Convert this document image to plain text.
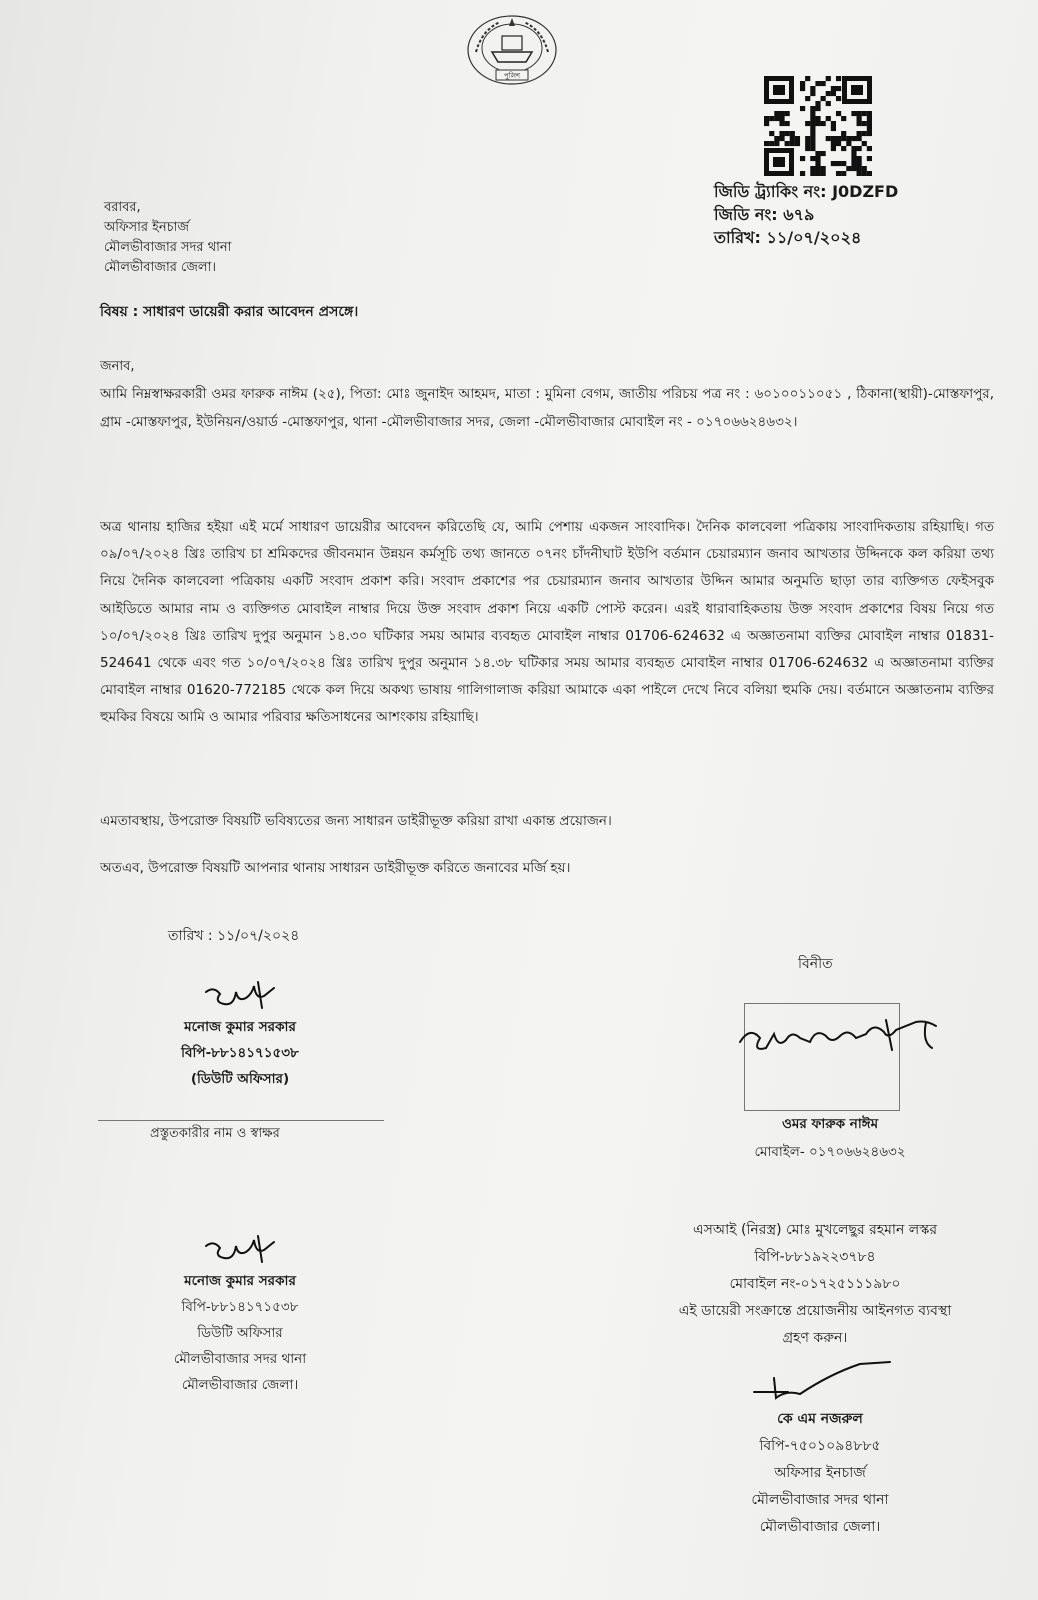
পুলিশ
জিডি ট্র্যাকিং নং: J0DZFD
জিডি নং: ৬৭৯
তারিখ: ১১/০৭/২০২৪
বরাবর,
অফিসার ইনচার্জ
মৌলভীবাজার সদর থানা
মৌলভীবাজার জেলা।
বিষয় : সাধারণ ডায়েরী করার আবেদন প্রসঙ্গে।
জনাব,
আমি নিম্নস্বাক্ষরকারী ওমর ফারুক নাঈম (২৫), পিতা: মোঃ জুনাইদ আহমদ, মাতা : মুমিনা বেগম, জাতীয় পরিচয় পত্র নং : ৬০১০০১১০৫১ , ঠিকানা(স্থায়ী)-মোস্তফাপুর, গ্রাম -মোস্তফাপুর, ইউনিয়ন/ওয়ার্ড -মোস্তফাপুর, থানা -মৌলভীবাজার সদর, জেলা -মৌলভীবাজার মোবাইল নং - ০১৭০৬৬২৪৬৩২।
অত্র থানায় হাজির হইয়া এই মর্মে সাধারণ ডায়েরীর আবেদন করিতেছি যে, আমি পেশায় একজন সাংবাদিক। দৈনিক কালবেলা পত্রিকায় সাংবাদিকতায় রহিয়াছি। গত ০৯/০৭/২০২৪ খ্রিঃ তারিখ চা শ্রমিকদের জীবনমান উন্নয়ন কর্মসূচি তথ্য জানতে ০৭নং চাঁদনীঘাট ইউপি বর্তমান চেয়ারম্যান জনাব আখতার উদ্দিনকে কল করিয়া তথ্য নিয়ে দৈনিক কালবেলা পত্রিকায় একটি সংবাদ প্রকাশ করি। সংবাদ প্রকাশের পর চেয়ারম্যান জনাব আখতার উদ্দিন আমার অনুমতি ছাড়া তার ব্যক্তিগত ফেইসবুক আইডিতে আমার নাম ও ব্যক্তিগত মোবাইল নাম্বার দিয়ে উক্ত সংবাদ প্রকাশ নিয়ে একটি পোস্ট করেন। এরই ধারাবাহিকতায় উক্ত সংবাদ প্রকাশের বিষয় নিয়ে গত ১০/০৭/২০২৪ খ্রিঃ তারিখ দুপুর অনুমান ১৪.৩০ ঘটিকার সময় আমার ব্যবহৃত মোবাইল নাম্বার 01706-624632 এ অজ্ঞাতনামা ব্যক্তির মোবাইল নাম্বার 01831-524641 থেকে এবং গত ১০/০৭/২০২৪ খ্রিঃ তারিখ দুপুর অনুমান ১৪.৩৮ ঘটিকার সময় আমার ব্যবহৃত মোবাইল নাম্বার 01706-624632 এ অজ্ঞাতনামা ব্যক্তির মোবাইল নাম্বার 01620-772185 থেকে কল দিয়ে অকথ্য ভাষায় গালিগালাজ করিয়া আমাকে একা পাইলে দেখে নিবে বলিয়া হুমকি দেয়। বর্তমানে অজ্ঞাতনাম ব্যক্তির হুমকির বিষয়ে আমি ও আমার পরিবার ক্ষতিসাধনের আশংকায় রহিয়াছি।
এমতাবস্থায়, উপরোক্ত বিষয়টি ভবিষ্যতের জন্য সাধারন ডাইরীভূক্ত করিয়া রাখা একান্ত প্রয়োজন।
অতএব, উপরোক্ত বিষয়টি আপনার থানায় সাধারন ডাইরীভূক্ত করিতে জনাবের মর্জি হয়।
তারিখ : ১১/০৭/২০২৪
বিনীত
মনোজ কুমার সরকার
বিপি-৮৮১৪১৭১৫৩৮
(ডিউটি অফিসার)
প্রস্তুতকারীর নাম ও স্বাক্ষর
ওমর ফারুক নাঈম
মোবাইল- ০১৭০৬৬২৪৬৩২
এসআই (নিরস্ত্র) মোঃ মুখলেছুর রহমান লস্কর
বিপি-৮৮১৯২২৩৭৮৪
মোবাইল নং-০১৭২৫১১১৯৮০
এই ডায়েরী সংক্রান্তে প্রয়োজনীয় আইনগত ব্যবস্থা
গ্রহণ করুন।
মনোজ কুমার সরকার
বিপি-৮৮১৪১৭১৫৩৮
ডিউটি অফিসার
মৌলভীবাজার সদর থানা
মৌলভীবাজার জেলা।
কে এম নজরুল
বিপি-৭৫০১০৯৪৮৮৫
অফিসার ইনচার্জ
মৌলভীবাজার সদর থানা
মৌলভীবাজার জেলা।
